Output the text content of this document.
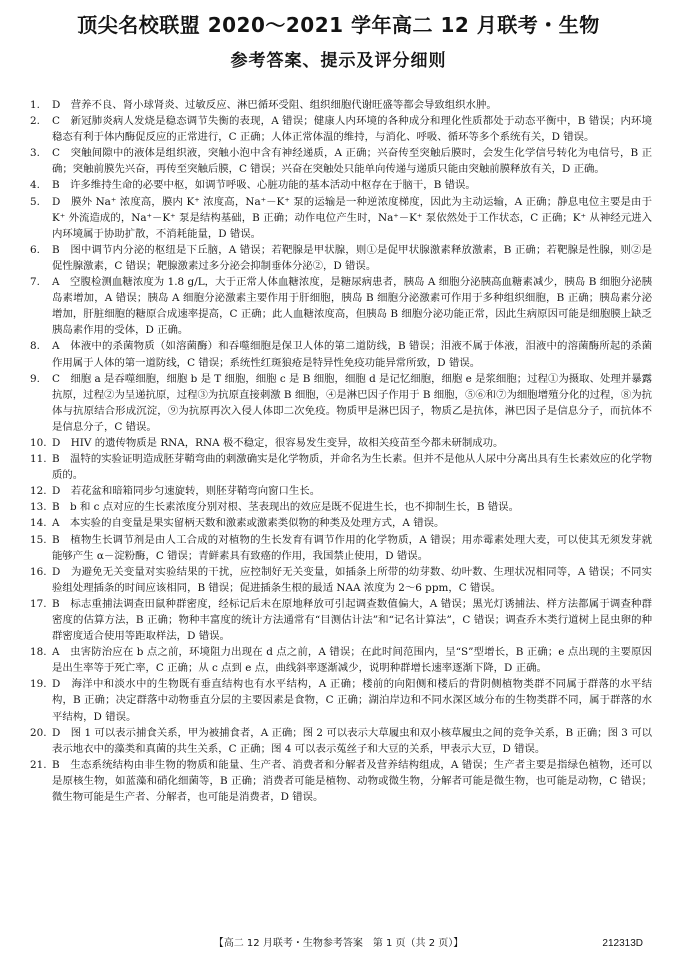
顶尖名校联盟 2020～2021 学年高二 12 月联考・生物
参考答案、提示及评分细则

1. D　营养不良、肾小球肾炎、过敏反应、淋巴循环受阻、组织细胞代谢旺盛等都会导致组织水肿。

2. C　新冠肺炎病人发烧是稳态调节失衡的表现，A 错误；健康人内环境的各种成分和理化性质都处于动态平衡中，B 错误；内环境稳态有利于体内酶促反应的正常进行，C 正确；人体正常体温的维持，与消化、呼吸、循环等多个系统有关，D 错误。

3. C　突触间隙中的液体是组织液，突触小泡中含有神经递质，A 正确；兴奋传至突触后膜时，会发生化学信号转化为电信号，B 正确；突触前膜先兴奋，再传至突触后膜，C 错误；兴奋在突触处只能单向传递与递质只能由突触前膜释放有关，D 正确。

4. B　许多维持生命的必要中枢，如调节呼吸、心脏功能的基本活动中枢存在于脑干，B 错误。

5. D　膜外 Na⁺ 浓度高，膜内 K⁺ 浓度高，Na⁺－K⁺ 泵的运输是一种逆浓度梯度，因此为主动运输，A 正确；静息电位主要是由于 K⁺ 外流造成的，Na⁺－K⁺ 泵是结构基础，B 正确；动作电位产生时，Na⁺－K⁺ 泵依然处于工作状态，C 正确；K⁺ 从神经元进入内环境属于协助扩散，不消耗能量，D 错误。

6. B　图中调节内分泌的枢纽是下丘脑，A 错误；若靶腺是甲状腺，则①是促甲状腺激素释放激素，B 正确；若靶腺是性腺，则②是促性腺激素，C 错误；靶腺激素过多分泌会抑制垂体分泌②，D 错误。

7. A　空腹检测血糖浓度为 1.8 g/L，大于正常人体血糖浓度，是糖尿病患者，胰岛 A 细胞分泌胰高血糖素减少，胰岛 B 细胞分泌胰岛素增加，A 错误；胰岛 A 细胞分泌激素主要作用于肝细胞，胰岛 B 细胞分泌激素可作用于多种组织细胞，B 正确；胰岛素分泌增加，肝脏细胞的糖原合成速率提高，C 正确；此人血糖浓度高，但胰岛 B 细胞分泌功能正常，因此生病原因可能是细胞膜上缺乏胰岛素作用的受体，D 正确。

8. A　体液中的杀菌物质（如溶菌酶）和吞噬细胞是保卫人体的第二道防线，B 错误；泪液不属于体液，泪液中的溶菌酶所起的杀菌作用属于人体的第一道防线，C 错误；系统性红斑狼疮是特异性免疫功能异常所致，D 错误。

9. C　细胞 a 是吞噬细胞，细胞 b 是 T 细胞，细胞 c 是 B 细胞，细胞 d 是记忆细胞，细胞 e 是浆细胞；过程①为摄取、处理并暴露抗原，过程②为呈递抗原，过程③为抗原直接刺激 B 细胞，④是淋巴因子作用于 B 细胞，⑤⑥和⑦为细胞增殖分化的过程，⑧为抗体与抗原结合形成沉淀，⑨为抗原再次入侵人体即二次免疫。物质甲是淋巴因子，物质乙是抗体，淋巴因子是信息分子，而抗体不是信息分子，C 错误。

10. D　HIV 的遗传物质是 RNA，RNA 极不稳定，很容易发生变异，故相关疫苗至今都未研制成功。

11. B　温特的实验证明造成胚芽鞘弯曲的刺激确实是化学物质，并命名为生长素。但并不是他从人尿中分离出具有生长素效应的化学物质的。

12. D　若花盆和暗箱同步匀速旋转，则胚芽鞘弯向窗口生长。

13. B　b 和 c 点对应的生长素浓度分别对根、茎表现出的效应是既不促进生长，也不抑制生长，B 错误。

14. A　本实验的自变量是果实留柄天数和激素或激素类似物的种类及处理方式，A 错误。

15. B　植物生长调节剂是由人工合成的对植物的生长发育有调节作用的化学物质，A 错误；用赤霉素处理大麦，可以使其无须发芽就能够产生 α－淀粉酶，C 错误；青鲜素具有致癌的作用，我国禁止使用，D 错误。

16. D　为避免无关变量对实验结果的干扰，应控制好无关变量，如插条上所带的幼芽数、幼叶数、生理状况相同等，A 错误；不同实验组处理插条的时间应该相同，B 错误；促进插条生根的最适 NAA 浓度为 2～6 ppm，C 错误。

17. B　标志重捕法调查田鼠种群密度，经标记后未在原地释放可引起调查数值偏大，A 错误；黑光灯诱捕法、样方法都属于调查种群密度的估算方法，B 正确；物种丰富度的统计方法通常有“目测估计法”和“记名计算法”，C 错误；调查乔木类行道树上昆虫卵的种群密度适合使用等距取样法，D 错误。

18. A　虫害防治应在 b 点之前，环境阻力出现在 d 点之前，A 错误；在此时间范围内，呈“S”型增长，B 正确；e 点出现的主要原因是出生率等于死亡率，C 正确；从 c 点到 e 点，曲线斜率逐渐减少，说明种群增长速率逐渐下降，D 正确。

19. D　海洋中和淡水中的生物既有垂直结构也有水平结构，A 正确；楼前的向阳侧和楼后的背阴侧植物类群不同属于群落的水平结构，B 正确；决定群落中动物垂直分层的主要因素是食物，C 正确；湖泊岸边和不同水深区域分布的生物类群不同，属于群落的水平结构，D 错误。

20. D　图 1 可以表示捕食关系，甲为被捕食者，A 正确；图 2 可以表示大草履虫和双小核草履虫之间的竞争关系，B 正确；图 3 可以表示地衣中的藻类和真菌的共生关系，C 正确；图 4 可以表示菟丝子和大豆的关系，甲表示大豆，D 错误。

21. B　生态系统结构由非生物的物质和能量、生产者、消费者和分解者及营养结构组成，A 错误；生产者主要是指绿色植物，还可以是原核生物，如蓝藻和硝化细菌等，B 正确；消费者可能是植物、动物或微生物，分解者可能是微生物，也可能是动物，C 错误；微生物可能是生产者、分解者，也可能是消费者，D 错误。

【高二 12 月联考・生物参考答案　第 1 页（共 2 页）】	212313D
